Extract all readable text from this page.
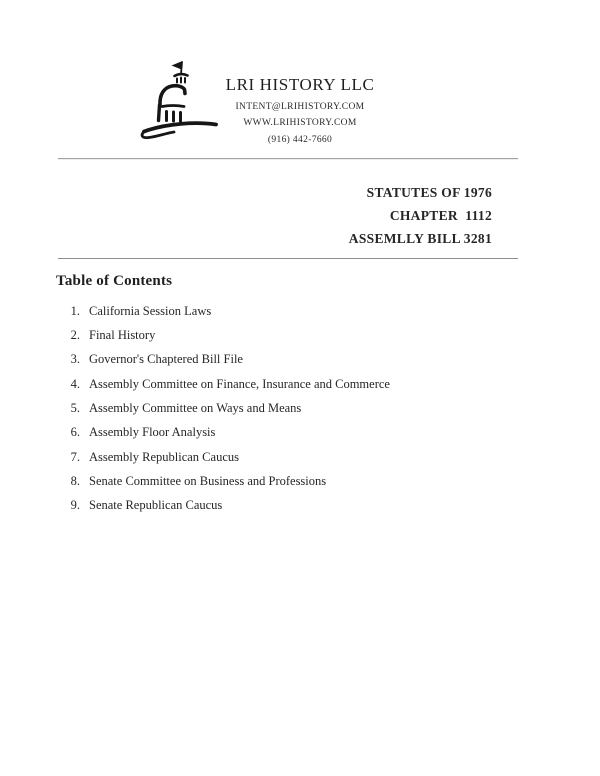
LRI HISTORY LLC
INTENT@LRIHISTORY.COM
WWW.LRIHISTORY.COM
(916) 442-7660
STATUTES OF 1976
CHAPTER  1112
ASSEMLLY BILL 3281
Table of Contents
1. California Session Laws
2. Final History
3. Governor's Chaptered Bill File
4. Assembly Committee on Finance, Insurance and Commerce
5. Assembly Committee on Ways and Means
6. Assembly Floor Analysis
7. Assembly Republican Caucus
8. Senate Committee on Business and Professions
9. Senate Republican Caucus
